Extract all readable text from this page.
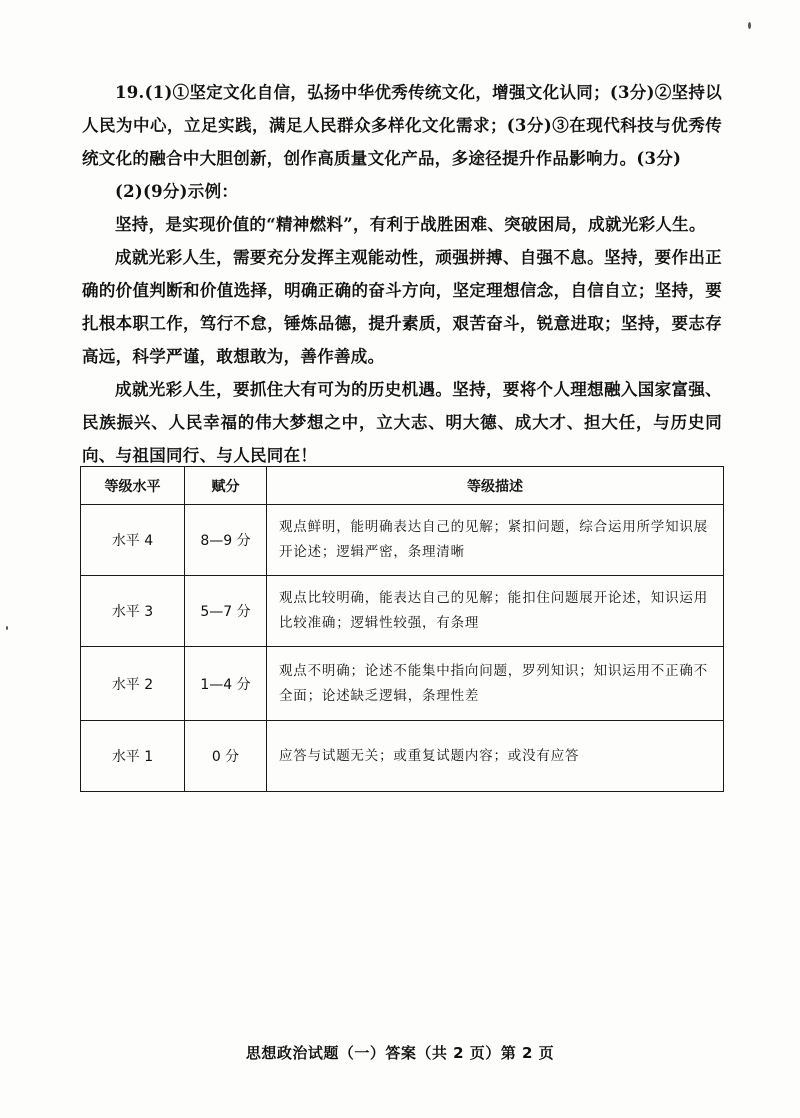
19.(1)①坚定文化自信，弘扬中华优秀传统文化，增强文化认同；(3分)②坚持以人民为中心，立足实践，满足人民群众多样化文化需求；(3分)③在现代科技与优秀传统文化的融合中大胆创新，创作高质量文化产品，多途径提升作品影响力。(3分)

(2)(9分)示例：

坚持，是实现价值的“精神燃料”，有利于战胜困难、突破困局，成就光彩人生。

成就光彩人生，需要充分发挥主观能动性，顽强拼搏、自强不息。坚持，要作出正确的价值判断和价值选择，明确正确的奋斗方向，坚定理想信念，自信自立；坚持，要扎根本职工作，笃行不怠，锤炼品德，提升素质，艰苦奋斗，锐意进取；坚持，要志存高远，科学严谨，敢想敢为，善作善成。

成就光彩人生，要抓住大有可为的历史机遇。坚持，要将个人理想融入国家富强、民族振兴、人民幸福的伟大梦想之中，立大志、明大德、成大才、担大任，与历史同向、与祖国同行、与人民同在！

等级水平	赋分	等级描述
水平 4	8—9 分	观点鲜明，能明确表达自己的见解；紧扣问题，综合运用所学知识展开论述；逻辑严密，条理清晰
水平 3	5—7 分	观点比较明确，能表达自己的见解；能扣住问题展开论述，知识运用比较准确；逻辑性较强，有条理
水平 2	1—4 分	观点不明确；论述不能集中指向问题，罗列知识；知识运用不正确不全面；论述缺乏逻辑，条理性差
水平 1	0 分	应答与试题无关；或重复试题内容；或没有应答
思想政治试题（一）答案（共 2 页）第 2 页
